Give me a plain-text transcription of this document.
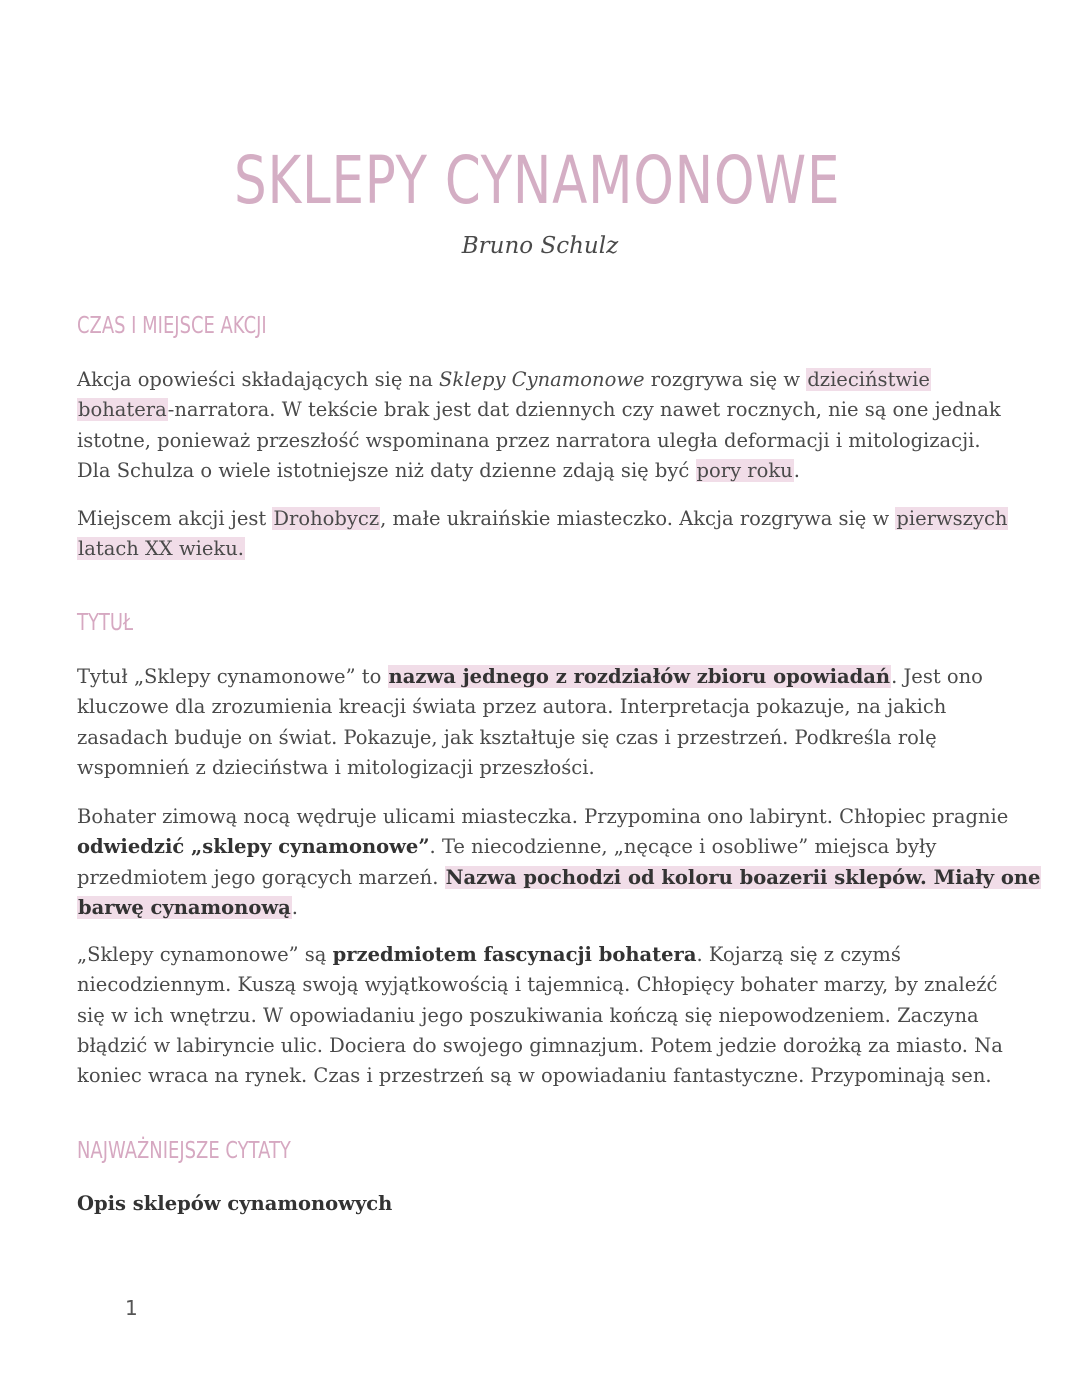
SKLEPY CYNAMONOWE
Bruno Schulz
CZAS I MIEJSCE AKCJI
Akcja opowieści składających się na Sklepy Cynamonowe rozgrywa się w dzieciństwie
bohatera-narratora. W tekście brak jest dat dziennych czy nawet rocznych, nie są one jednak
istotne, ponieważ przeszłość wspominana przez narratora uległa deformacji i mitologizacji.
Dla Schulza o wiele istotniejsze niż daty dzienne zdają się być pory roku.
Miejscem akcji jest Drohobycz, małe ukraińskie miasteczko. Akcja rozgrywa się w pierwszych
latach XX wieku.
TYTUŁ
Tytuł „Sklepy cynamonowe” to nazwa jednego z rozdziałów zbioru opowiadań. Jest ono
kluczowe dla zrozumienia kreacji świata przez autora. Interpretacja pokazuje, na jakich
zasadach buduje on świat. Pokazuje, jak kształtuje się czas i przestrzeń. Podkreśla rolę
wspomnień z dzieciństwa i mitologizacji przeszłości.
Bohater zimową nocą wędruje ulicami miasteczka. Przypomina ono labirynt. Chłopiec pragnie
odwiedzić „sklepy cynamonowe”. Te niecodzienne, „nęcące i osobliwe” miejsca były
przedmiotem jego gorących marzeń. Nazwa pochodzi od koloru boazerii sklepów. Miały one
barwę cynamonową.
„Sklepy cynamonowe” są przedmiotem fascynacji bohatera. Kojarzą się z czymś
niecodziennym. Kuszą swoją wyjątkowością i tajemnicą. Chłopięcy bohater marzy, by znaleźć
się w ich wnętrzu. W opowiadaniu jego poszukiwania kończą się niepowodzeniem. Zaczyna
błądzić w labiryncie ulic. Dociera do swojego gimnazjum. Potem jedzie dorożką za miasto. Na
koniec wraca na rynek. Czas i przestrzeń są w opowiadaniu fantastyczne. Przypominają sen.
NAJWAŻNIEJSZE CYTATY
Opis sklepów cynamonowych
1
